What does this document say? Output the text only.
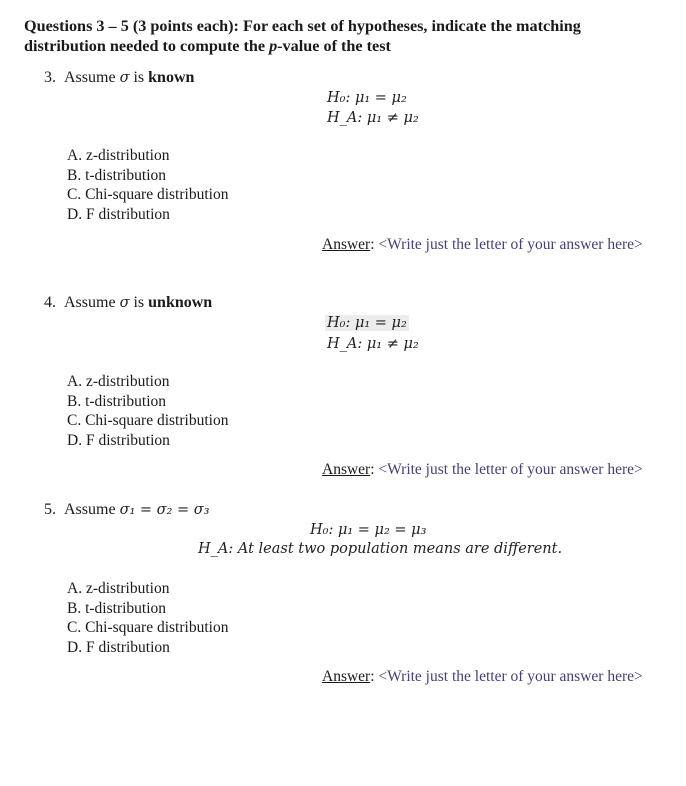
Questions 3 – 5 (3 points each): For each set of hypotheses, indicate the matching
distribution needed to compute the p-value of the test
3. Assume σ is known
H₀: μ₁ = μ₂
H_A: μ₁ ≠ μ₂
A. z-distribution
B. t-distribution
C. Chi-square distribution
D. F distribution
Answer: <Write just the letter of your answer here>
4. Assume σ is unknown
H₀: μ₁ = μ₂
H_A: μ₁ ≠ μ₂
A. z-distribution
B. t-distribution
C. Chi-square distribution
D. F distribution
Answer: <Write just the letter of your answer here>
5. Assume σ₁ = σ₂ = σ₃
H₀: μ₁ = μ₂ = μ₃
H_A: At least two population means are different.
A. z-distribution
B. t-distribution
C. Chi-square distribution
D. F distribution
Answer: <Write just the letter of your answer here>
